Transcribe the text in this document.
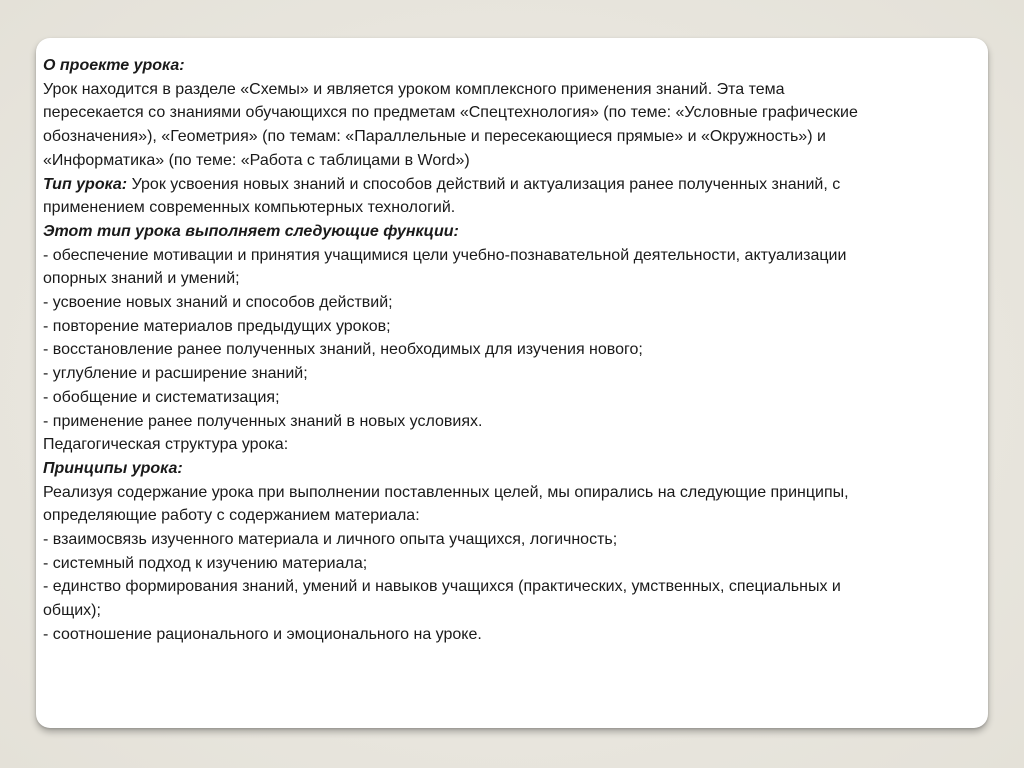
О проекте урока:
Урок находится в разделе «Схемы» и является уроком комплексного применения знаний. Эта тема
пересекается со знаниями обучающихся по предметам «Спецтехнология» (по теме: «Условные графические
обозначения»), «Геометрия» (по темам: «Параллельные и пересекающиеся прямые» и «Окружность») и
«Информатика» (по теме: «Работа с таблицами в Word»)
Тип урока: Урок усвоения новых знаний и способов действий и актуализация ранее полученных знаний, с
применением современных компьютерных технологий.
Этот тип урока выполняет следующие функции:
- обеспечение мотивации и принятия учащимися цели учебно-познавательной деятельности, актуализации
опорных знаний и умений;
- усвоение новых знаний и способов действий;
- повторение материалов предыдущих уроков;
- восстановление ранее полученных знаний, необходимых для изучения нового;
- углубление и расширение знаний;
- обобщение и систематизация;
- применение ранее полученных знаний в новых условиях.
Педагогическая структура урока:
Принципы урока:
Реализуя содержание урока при выполнении поставленных целей, мы опирались на следующие принципы,
определяющие работу с содержанием материала:
- взаимосвязь изученного материала и личного опыта учащихся, логичность;
- системный подход к изучению материала;
- единство формирования знаний, умений и навыков учащихся (практических, умственных, специальных и
общих);
- соотношение рационального и эмоционального на уроке.
